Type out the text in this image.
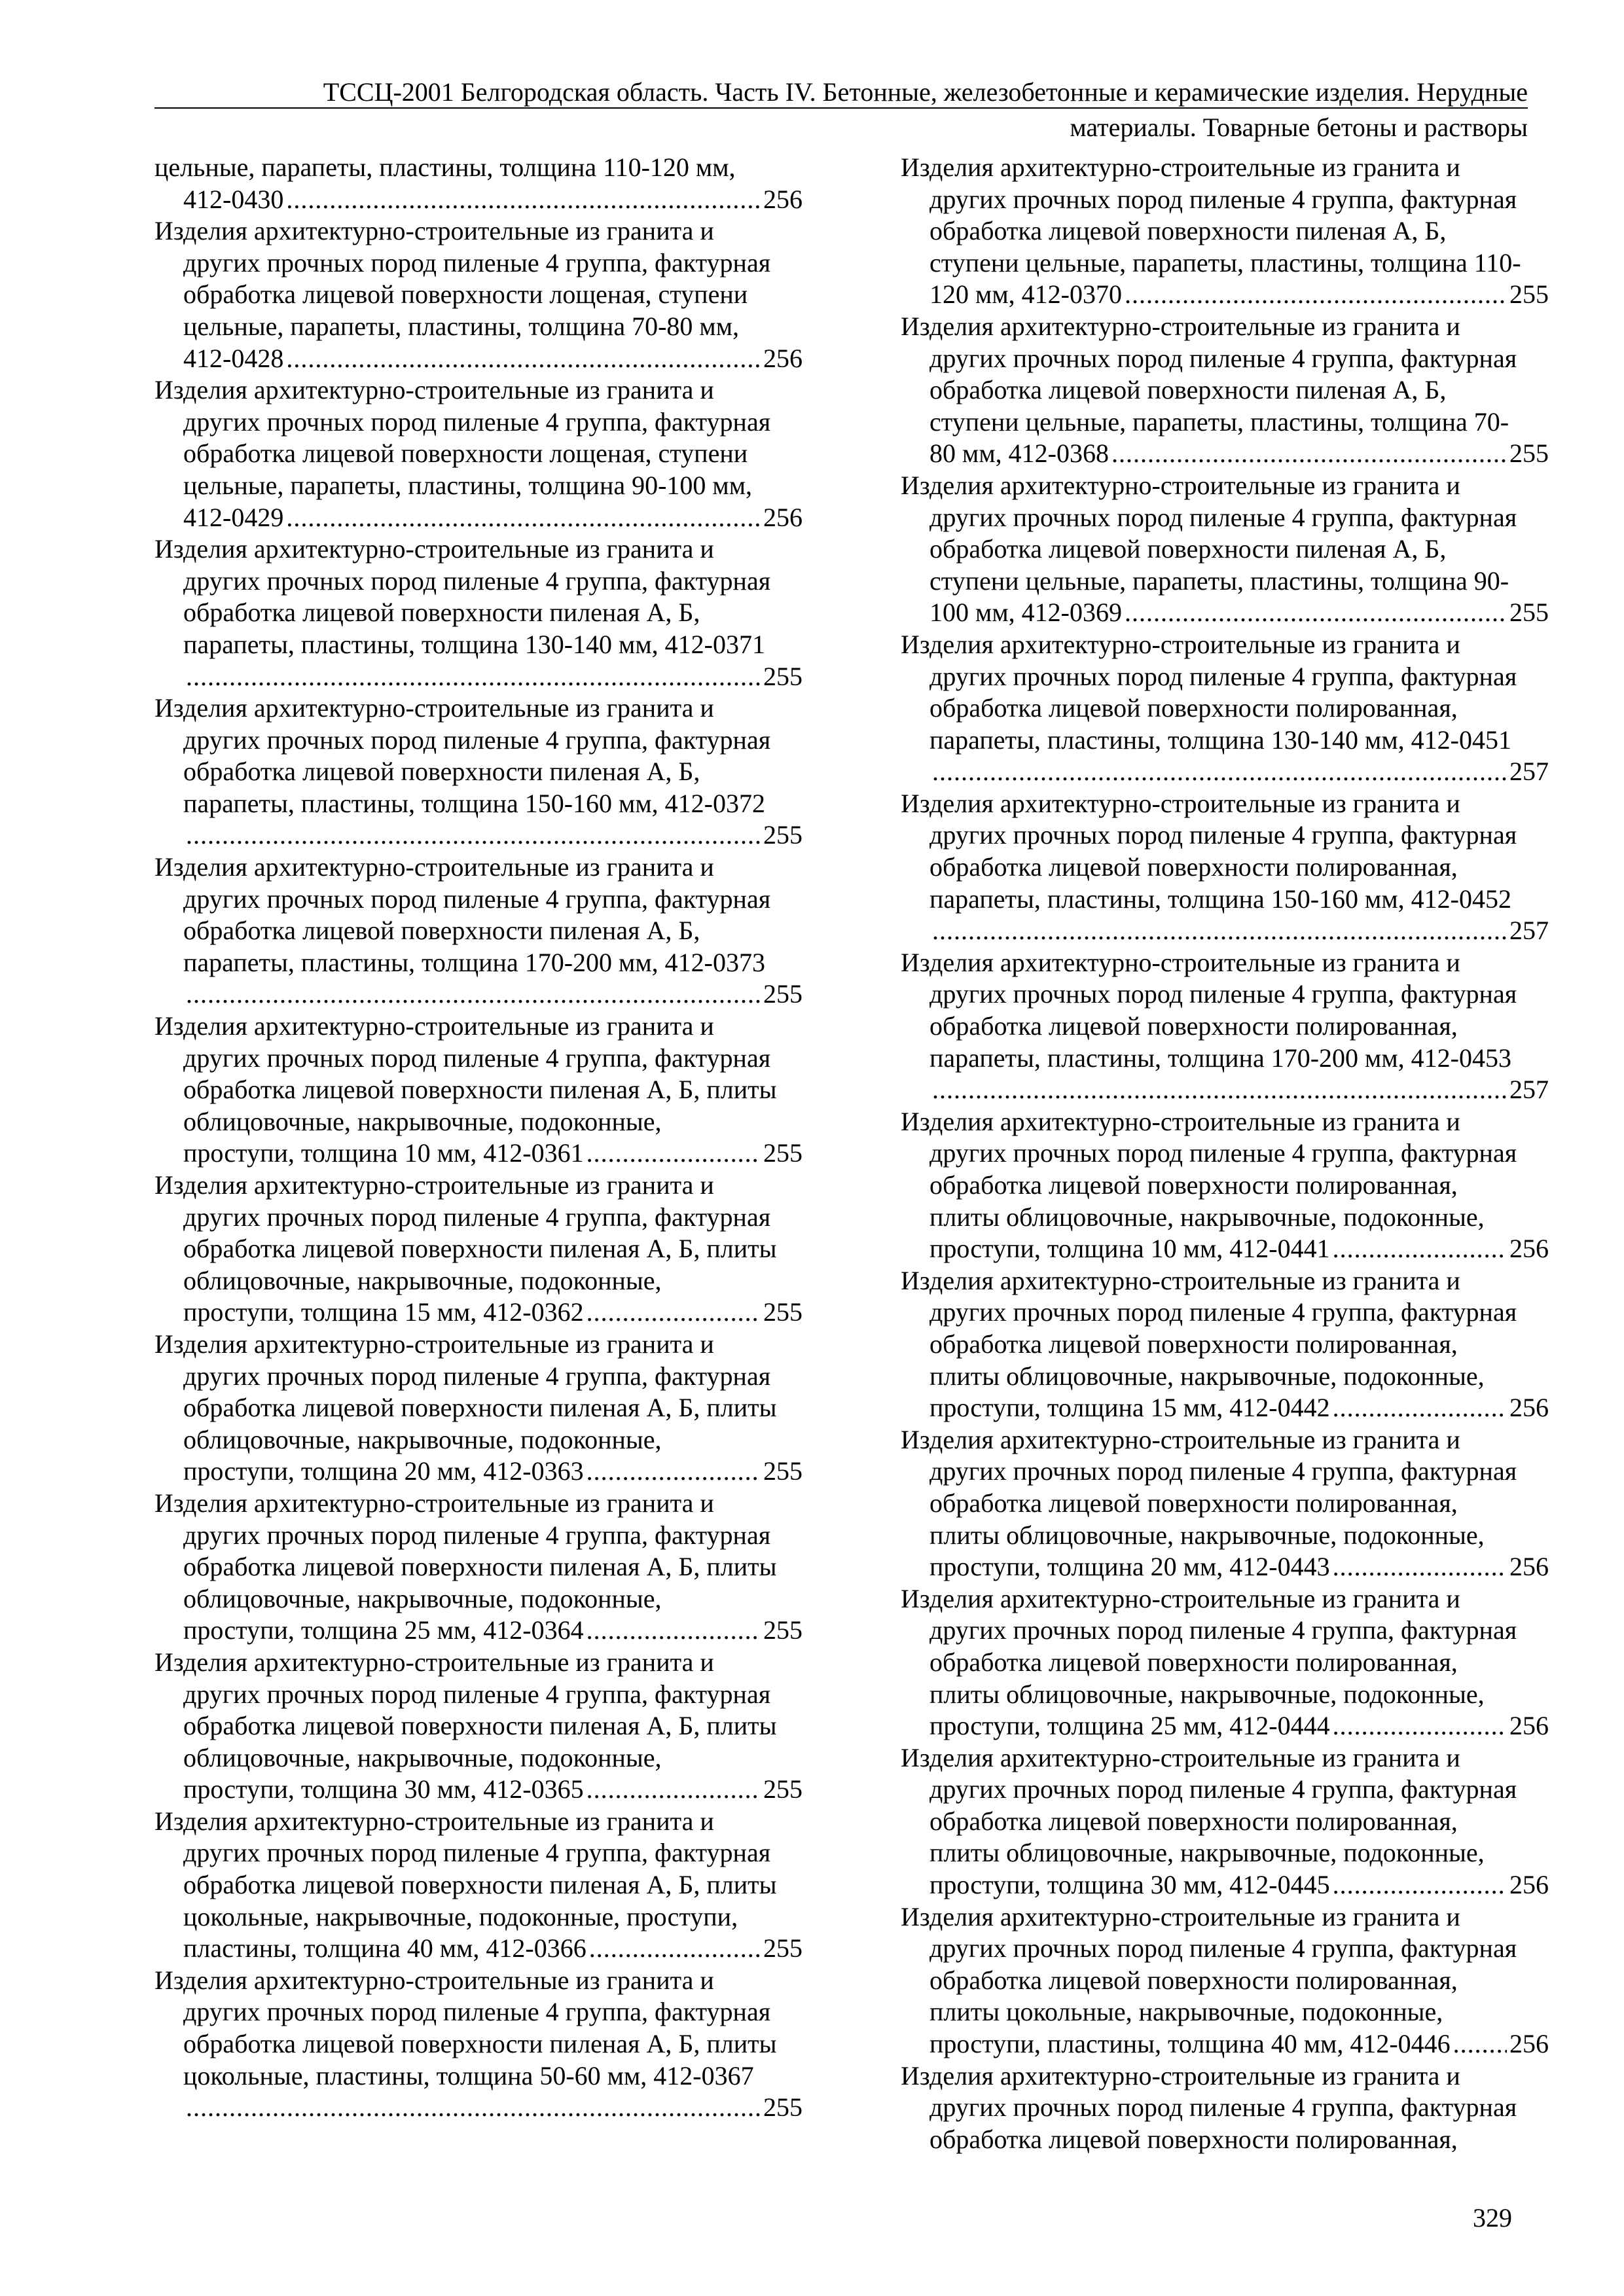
ТССЦ-2001 Белгородская область. Часть IV. Бетонные, железобетонные и керамические изделия. Нерудные
материалы. Товарные бетоны и растворы
цельные, парапеты, пластины, толщина 110-120 мм,
412-0430 .....	256
Изделия архитектурно-строительные из гранита и
других прочных пород пиленые 4 группа, фактурная
обработка лицевой поверхности лощеная, ступени
цельные, парапеты, пластины, толщина 70-80 мм,
412-0428 .....	256
Изделия архитектурно-строительные из гранита и
других прочных пород пиленые 4 группа, фактурная
обработка лицевой поверхности лощеная, ступени
цельные, парапеты, пластины, толщина 90-100 мм,
412-0429 .....	256
Изделия архитектурно-строительные из гранита и
других прочных пород пиленые 4 группа, фактурная
обработка лицевой поверхности пиленая А, Б,
парапеты, пластины, толщина 130-140 мм, 412-0371
.....
255
Изделия архитектурно-строительные из гранита и
других прочных пород пиленые 4 группа, фактурная
обработка лицевой поверхности пиленая А, Б,
парапеты, пластины, толщина 150-160 мм, 412-0372
.....
255
Изделия архитектурно-строительные из гранита и
других прочных пород пиленые 4 группа, фактурная
обработка лицевой поверхности пиленая А, Б,
парапеты, пластины, толщина 170-200 мм, 412-0373
.....
255
Изделия архитектурно-строительные из гранита и
других прочных пород пиленые 4 группа, фактурная
обработка лицевой поверхности пиленая А, Б, плиты
облицовочные, накрывочные, подоконные,
проступи, толщина 10 мм, 412-0361 .....	255
Изделия архитектурно-строительные из гранита и
других прочных пород пиленые 4 группа, фактурная
обработка лицевой поверхности пиленая А, Б, плиты
облицовочные, накрывочные, подоконные,
проступи, толщина 15 мм, 412-0362 .....	255
Изделия архитектурно-строительные из гранита и
других прочных пород пиленые 4 группа, фактурная
обработка лицевой поверхности пиленая А, Б, плиты
облицовочные, накрывочные, подоконные,
проступи, толщина 20 мм, 412-0363 .....	255
Изделия архитектурно-строительные из гранита и
других прочных пород пиленые 4 группа, фактурная
обработка лицевой поверхности пиленая А, Б, плиты
облицовочные, накрывочные, подоконные,
проступи, толщина 25 мм, 412-0364 .....	255
Изделия архитектурно-строительные из гранита и
других прочных пород пиленые 4 группа, фактурная
обработка лицевой поверхности пиленая А, Б, плиты
облицовочные, накрывочные, подоконные,
проступи, толщина 30 мм, 412-0365 .....	255
Изделия архитектурно-строительные из гранита и
других прочных пород пиленые 4 группа, фактурная
обработка лицевой поверхности пиленая А, Б, плиты
цокольные, накрывочные, подоконные, проступи,
пластины, толщина 40 мм, 412-0366 .....	255
Изделия архитектурно-строительные из гранита и
других прочных пород пиленые 4 группа, фактурная
обработка лицевой поверхности пиленая А, Б, плиты
цокольные, пластины, толщина 50-60 мм, 412-0367
.....
255
Изделия архитектурно-строительные из гранита и
других прочных пород пиленые 4 группа, фактурная
обработка лицевой поверхности пиленая А, Б,
ступени цельные, парапеты, пластины, толщина 110-
120 мм, 412-0370 .....	255
Изделия архитектурно-строительные из гранита и
других прочных пород пиленые 4 группа, фактурная
обработка лицевой поверхности пиленая А, Б,
ступени цельные, парапеты, пластины, толщина 70-
80 мм, 412-0368 .....	255
Изделия архитектурно-строительные из гранита и
других прочных пород пиленые 4 группа, фактурная
обработка лицевой поверхности пиленая А, Б,
ступени цельные, парапеты, пластины, толщина 90-
100 мм, 412-0369 .....	255
Изделия архитектурно-строительные из гранита и
других прочных пород пиленые 4 группа, фактурная
обработка лицевой поверхности полированная,
парапеты, пластины, толщина 130-140 мм, 412-0451
.....
257
Изделия архитектурно-строительные из гранита и
других прочных пород пиленые 4 группа, фактурная
обработка лицевой поверхности полированная,
парапеты, пластины, толщина 150-160 мм, 412-0452
.....
257
Изделия архитектурно-строительные из гранита и
других прочных пород пиленые 4 группа, фактурная
обработка лицевой поверхности полированная,
парапеты, пластины, толщина 170-200 мм, 412-0453
.....
257
Изделия архитектурно-строительные из гранита и
других прочных пород пиленые 4 группа, фактурная
обработка лицевой поверхности полированная,
плиты облицовочные, накрывочные, подоконные,
проступи, толщина 10 мм, 412-0441 .....	256
Изделия архитектурно-строительные из гранита и
других прочных пород пиленые 4 группа, фактурная
обработка лицевой поверхности полированная,
плиты облицовочные, накрывочные, подоконные,
проступи, толщина 15 мм, 412-0442 .....	256
Изделия архитектурно-строительные из гранита и
других прочных пород пиленые 4 группа, фактурная
обработка лицевой поверхности полированная,
плиты облицовочные, накрывочные, подоконные,
проступи, толщина 20 мм, 412-0443 .....	256
Изделия архитектурно-строительные из гранита и
других прочных пород пиленые 4 группа, фактурная
обработка лицевой поверхности полированная,
плиты облицовочные, накрывочные, подоконные,
проступи, толщина 25 мм, 412-0444 .....	256
Изделия архитектурно-строительные из гранита и
других прочных пород пиленые 4 группа, фактурная
обработка лицевой поверхности полированная,
плиты облицовочные, накрывочные, подоконные,
проступи, толщина 30 мм, 412-0445 .....	256
Изделия архитектурно-строительные из гранита и
других прочных пород пиленые 4 группа, фактурная
обработка лицевой поверхности полированная,
плиты цокольные, накрывочные, подоконные,
проступи, пластины, толщина 40 мм, 412-0446 ..... 256
Изделия архитектурно-строительные из гранита и
других прочных пород пиленые 4 группа, фактурная
обработка лицевой поверхности полированная,
329
